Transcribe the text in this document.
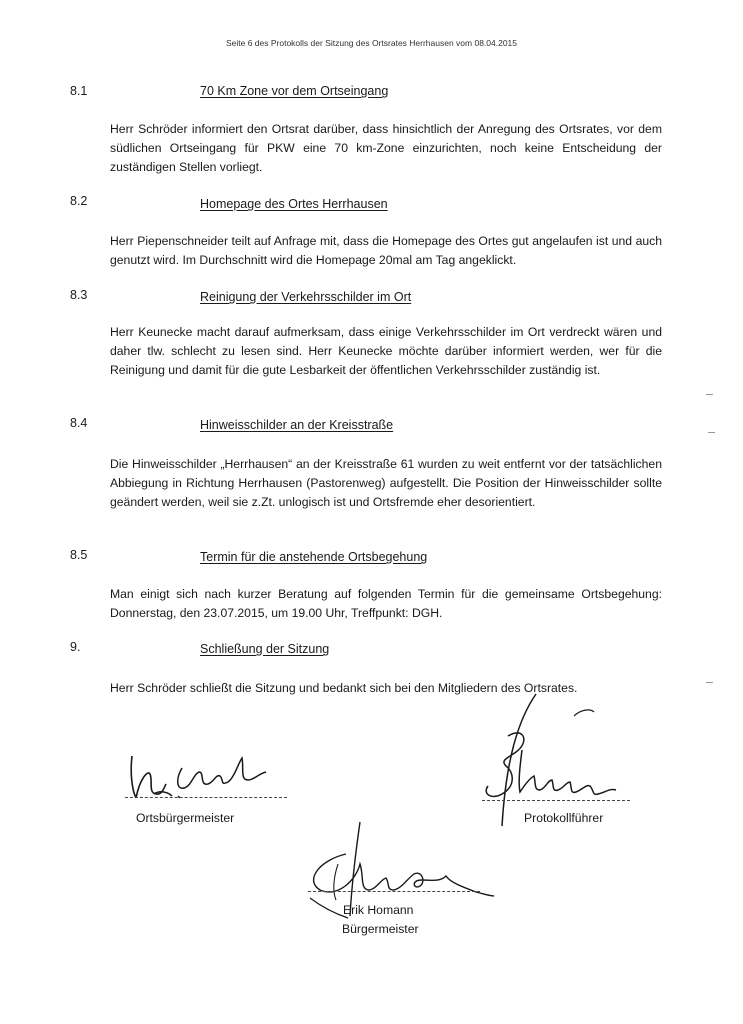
Seite 6 des Protokolls der Sitzung des Ortsrates Herrhausen vom 08.04.2015
8.1	70 Km Zone vor dem Ortseingang

Herr Schröder informiert den Ortsrat darüber, dass hinsichtlich der Anregung des Ortsrates, vor dem südlichen Ortseingang für PKW eine 70 km-Zone einzurichten, noch keine Entscheidung der zuständigen Stellen vorliegt.

8.2	Homepage des Ortes Herrhausen

Herr Piepenschneider teilt auf Anfrage mit, dass die Homepage des Ortes gut angelaufen ist und auch genutzt wird. Im Durchschnitt wird die Homepage 20mal am Tag angeklickt.

8.3	Reinigung der Verkehrsschilder im Ort

Herr Keunecke macht darauf aufmerksam, dass einige Verkehrsschilder im Ort verdreckt wären und daher tlw. schlecht zu lesen sind. Herr Keunecke möchte darüber informiert werden, wer für die Reinigung und damit für die gute Lesbarkeit der öffentlichen Verkehrsschilder zuständig ist.

8.4	Hinweisschilder an der Kreisstraße

Die Hinweisschilder „Herrhausen“ an der Kreisstraße 61 wurden zu weit entfernt vor der tatsächlichen Abbiegung in Richtung Herrhausen (Pastorenweg) aufgestellt. Die Position der Hinweisschilder sollte geändert werden, weil sie z.Zt. unlogisch ist und Ortsfremde eher desorientiert.

8.5	Termin für die anstehende Ortsbegehung

Man einigt sich nach kurzer Beratung auf folgenden Termin für die gemeinsame Ortsbegehung: Donnerstag, den 23.07.2015, um 19.00 Uhr, Treffpunkt: DGH.

9.	Schließung der Sitzung
Herr Schröder schließt die Sitzung und bedankt sich bei den Mitgliedern des Ortsrates.
Ortsbürgermeister	Protokollführer
Erik Homann
Bürgermeister
